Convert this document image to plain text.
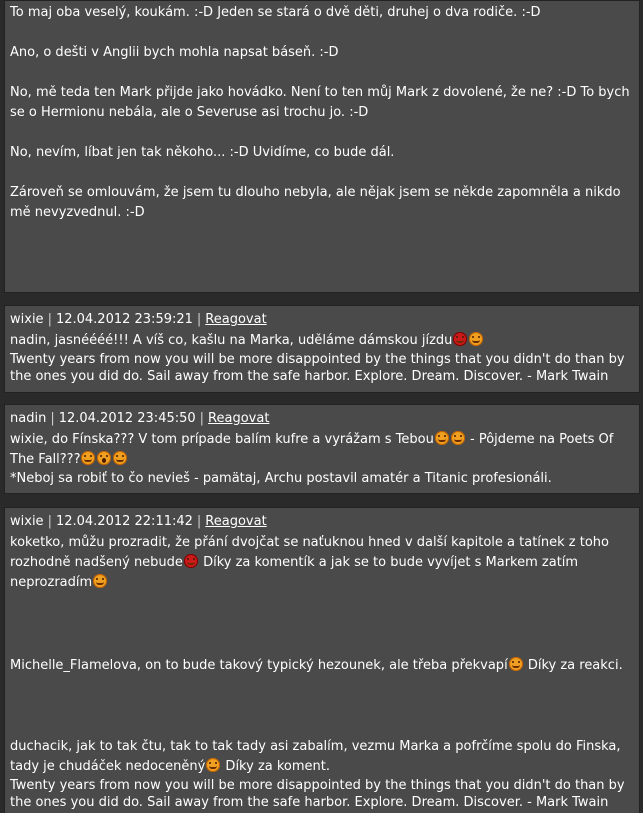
To maj oba veselý, koukám. :-D Jeden se stará o dvě děti, druhej o dva rodiče. :-D

Ano, o dešti v Anglii bych mohla napsat báseň. :-D

No, mě teda ten Mark přijde jako hovádko. Není to ten můj Mark z dovolené, že ne? :-D To bych se o Hermionu nebála, ale o Severuse asi trochu jo. :-D

No, nevím, líbat jen tak někoho... :-D Uvidíme, co bude dál.

Zároveň se omlouvám, že jsem tu dlouho nebyla, ale nějak jsem se někde zapomněla a nikdo mě nevyzvednul. :-D

wixie | 12.04.2012 23:59:21 | Reagovat

nadin, jasnéééé!!! A víš co, kašlu na Marka, uděláme dámskou jízdu

Twenty years from now you will be more disappointed by the things that you didn't do than by the ones you did do. Sail away from the safe harbor. Explore. Dream. Discover. - Mark Twain

nadin | 12.04.2012 23:45:50 | Reagovat

wixie, do Fínska??? V tom prípade balím kufre a vyrážam s Tebou - Pôjdeme na Poets Of The Fall???

*Neboj sa robiť to čo nevieš - pamätaj, Archu postavil amatér a Titanic profesionáli.

wixie | 12.04.2012 22:11:42 | Reagovat

koketko, můžu prozradit, že přání dvojčat se naťuknou hned v další kapitole a tatínek z toho rozhodně nadšený nebude Díky za komentík a jak se to bude vyvíjet s Markem zatím neprozradím

Michelle_Flamelova, on to bude takový typický hezounek, ale třeba překvapí Díky za reakci.

duchacik, jak to tak čtu, tak to tak tady asi zabalím, vezmu Marka a pofrčíme spolu do Finska, tady je chudáček nedoceněný Díky za koment.

Twenty years from now you will be more disappointed by the things that you didn't do than by the ones you did do. Sail away from the safe harbor. Explore. Dream. Discover. - Mark Twain
